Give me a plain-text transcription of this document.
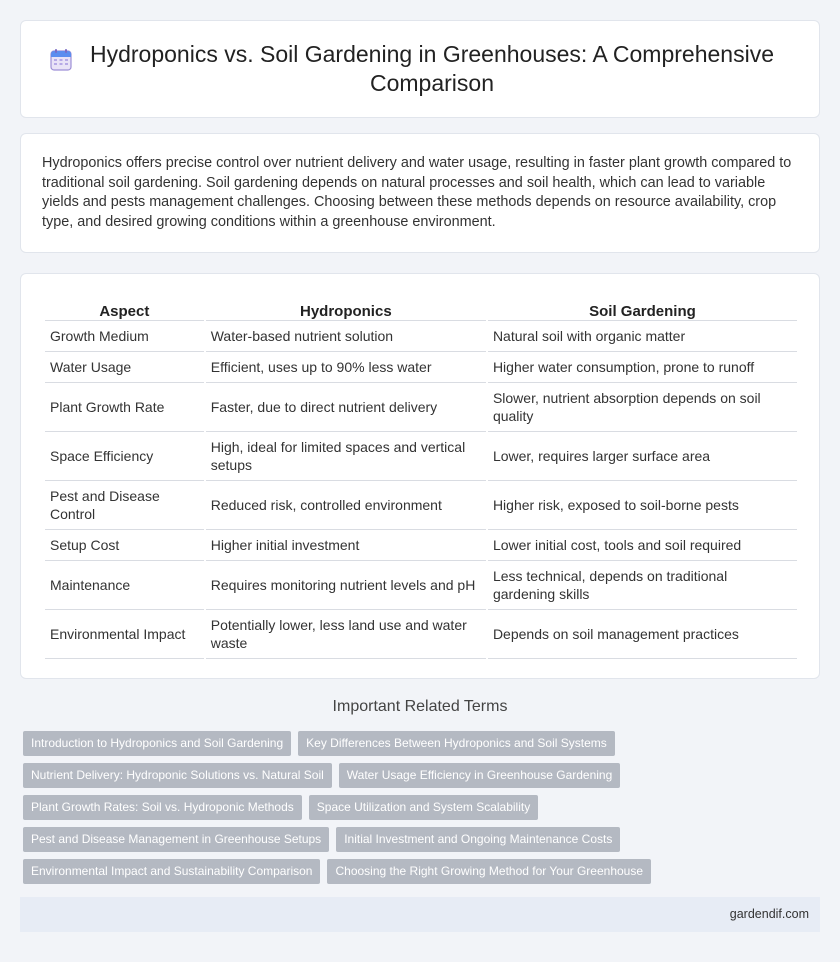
Hydroponics vs. Soil Gardening in Greenhouses: A Comprehensive Comparison

Hydroponics offers precise control over nutrient delivery and water usage, resulting in faster plant growth compared to traditional soil gardening. Soil gardening depends on natural processes and soil health, which can lead to variable yields and pests management challenges. Choosing between these methods depends on resource availability, crop type, and desired growing conditions within a greenhouse environment.

Aspect	Hydroponics	Soil Gardening
Growth Medium	Water-based nutrient solution	Natural soil with organic matter
Water Usage	Efficient, uses up to 90% less water	Higher water consumption, prone to runoff
Plant Growth Rate	Faster, due to direct nutrient delivery	Slower, nutrient absorption depends on soil quality
Space Efficiency	High, ideal for limited spaces and vertical setups	Lower, requires larger surface area
Pest and Disease Control	Reduced risk, controlled environment	Higher risk, exposed to soil-borne pests
Setup Cost	Higher initial investment	Lower initial cost, tools and soil required
Maintenance	Requires monitoring nutrient levels and pH	Less technical, depends on traditional gardening skills
Environmental Impact	Potentially lower, less land use and water waste	Depends on soil management practices
Important Related Terms
Introduction to Hydroponics and Soil Gardening	Key Differences Between Hydroponics and Soil Systems
Nutrient Delivery: Hydroponic Solutions vs. Natural Soil	Water Usage Efficiency in Greenhouse Gardening
Plant Growth Rates: Soil vs. Hydroponic Methods	Space Utilization and System Scalability
Pest and Disease Management in Greenhouse Setups	Initial Investment and Ongoing Maintenance Costs
Environmental Impact and Sustainability Comparison	Choosing the Right Growing Method for Your Greenhouse
gardendif.com
